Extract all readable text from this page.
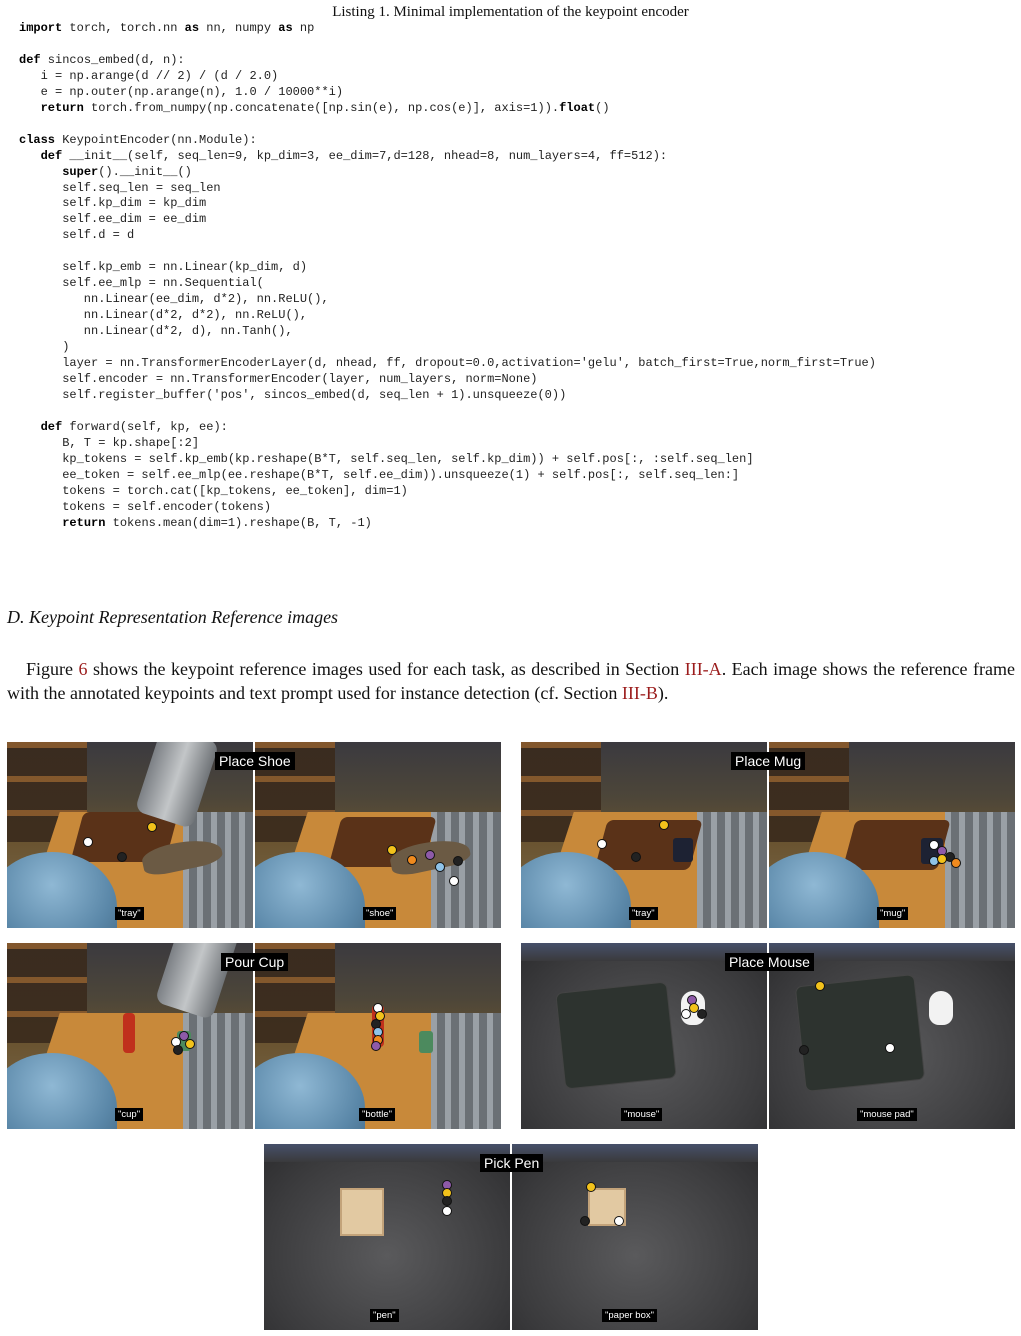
Listing 1. Minimal implementation of the keypoint encoder
import torch, torch.nn as nn, numpy as np

def sincos_embed(d, n):
i = np.arange(d // 2) / (d / 2.0)
e = np.outer(np.arange(n), 1.0 / 10000**i)
return torch.from_numpy(np.concatenate([np.sin(e), np.cos(e)], axis=1)).float()

class KeypointEncoder(nn.Module):
def __init__(self, seq_len=9, kp_dim=3, ee_dim=7,d=128, nhead=8, num_layers=4, ff=512):
super().__init__()
self.seq_len = seq_len
self.kp_dim = kp_dim
self.ee_dim = ee_dim
self.d = d

self.kp_emb = nn.Linear(kp_dim, d)
self.ee_mlp = nn.Sequential(
nn.Linear(ee_dim, d*2), nn.ReLU(),
nn.Linear(d*2, d*2), nn.ReLU(),
nn.Linear(d*2, d), nn.Tanh(),
)
layer = nn.TransformerEncoderLayer(d, nhead, ff, dropout=0.0,activation='gelu', batch_first=True,norm_first=True)
self.encoder = nn.TransformerEncoder(layer, num_layers, norm=None)
self.register_buffer('pos', sincos_embed(d, seq_len + 1).unsqueeze(0))

def forward(self, kp, ee):
B, T = kp.shape[:2]
kp_tokens = self.kp_emb(kp.reshape(B*T, self.seq_len, self.kp_dim)) + self.pos[:, :self.seq_len]
ee_token = self.ee_mlp(ee.reshape(B*T, self.ee_dim)).unsqueeze(1) + self.pos[:, self.seq_len:]
tokens = torch.cat([kp_tokens, ee_token], dim=1)
tokens = self.encoder(tokens)
return tokens.mean(dim=1).reshape(B, T, -1)
D. Keypoint Representation Reference images

Figure 6 shows the keypoint reference images used for each task, as described in Section III-A. Each image shows the reference frame with the annotated keypoints and text prompt used for instance detection (cf. Section III-B).

"tray"	"shoe"
Place Shoe
"tray"	"mug"
Place Mug
"cup"	"bottle"
Pour Cup
"mouse"	"mouse pad"
Place Mouse
"pen"	"paper box"
Pick Pen
